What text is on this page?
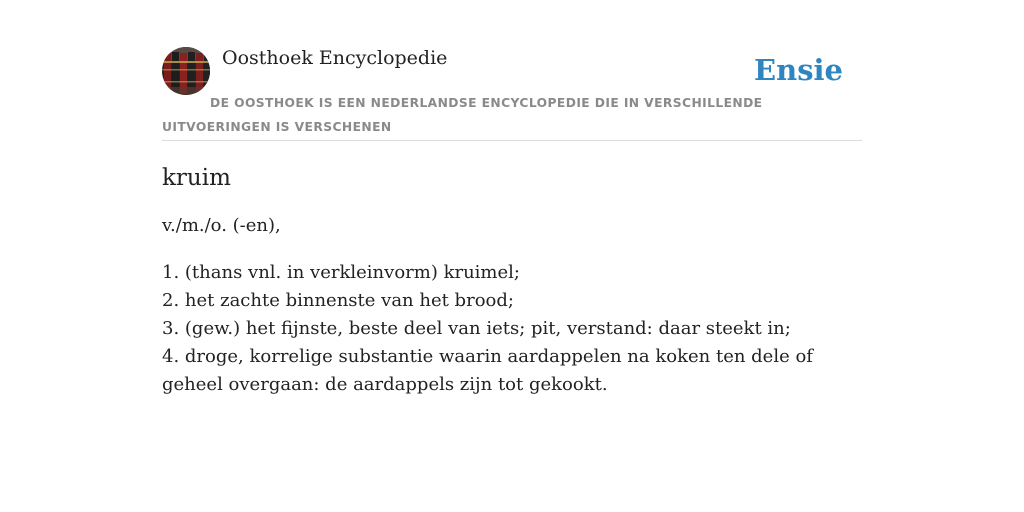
Oosthoek Encyclopedie	Ensie
DE OOSTHOEK IS EEN NEDERLANDSE ENCYCLOPEDIE DIE IN VERSCHILLENDE UITVOERINGEN IS VERSCHENEN
kruim

v./m./o. (-en),

1. (thans vnl. in verkleinvorm) kruimel;
2. het zachte binnenste van het brood;
3. (gew.) het fijnste, beste deel van iets; pit, verstand: daar steekt in;
4. droge, korrelige substantie waarin aardappelen na koken ten dele of geheel overgaan: de aardappels zijn tot gekookt.
